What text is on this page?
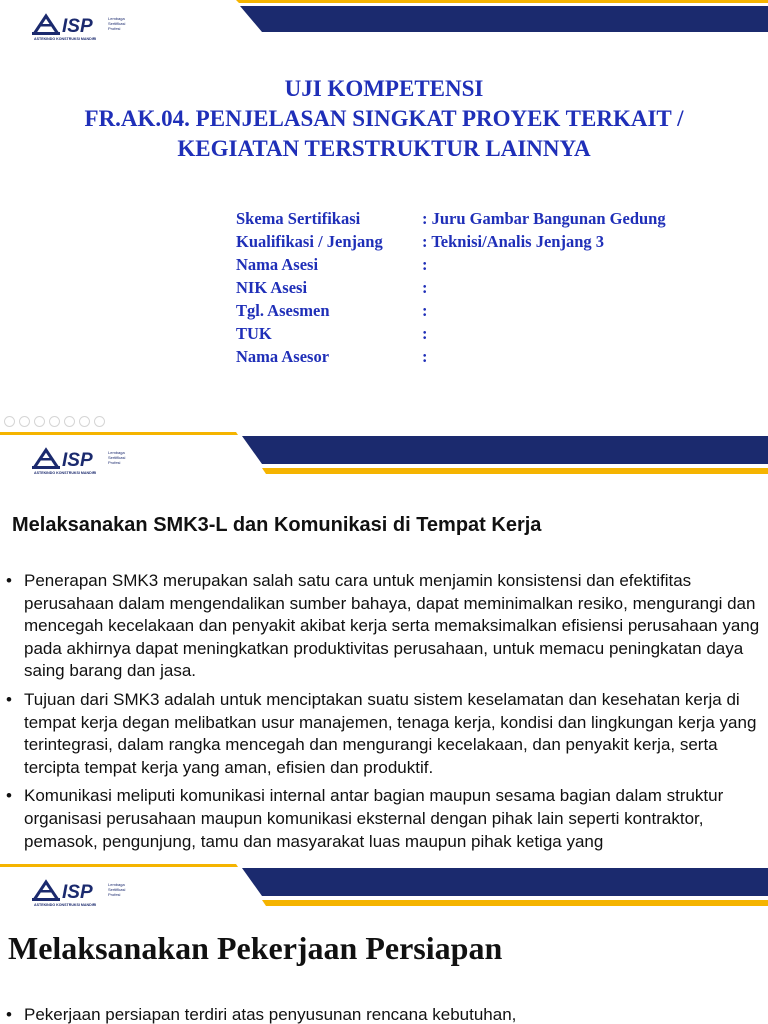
ISP	Lembaga
Sertifikasi
Profesi
ASTEKINDO KONSTRUKSI MANDIRI
UJI KOMPETENSI
FR.AK.04. PENJELASAN SINGKAT PROYEK TERKAIT /
KEGIATAN TERSTRUKTUR LAINNYA
Skema Sertifikasi	: Juru Gambar Bangunan Gedung
Kualifikasi / Jenjang : Teknisi/Analis Jenjang 3
Nama Asesi	:
NIK Asesi	:
Tgl. Asesmen	:
TUK	:
Nama Asesor	:
ISP	Lembaga
Sertifikasi
Profesi
ASTEKINDO KONSTRUKSI MANDIRI
Melaksanakan SMK3-L dan Komunikasi di Tempat Kerja
• Penerapan SMK3 merupakan salah satu cara untuk menjamin konsistensi dan efektifitas perusahaan dalam mengendalikan sumber bahaya, dapat meminimalkan resiko, mengurangi dan mencegah kecelakaan dan penyakit akibat kerja serta memaksimalkan efisiensi perusahaan yang pada akhirnya dapat meningkatkan produktivitas perusahaan, untuk memacu peningkatan daya saing barang dan jasa.
• Tujuan dari SMK3 adalah untuk menciptakan suatu sistem keselamatan dan kesehatan kerja di tempat kerja degan melibatkan usur manajemen, tenaga kerja, kondisi dan lingkungan kerja yang terintegrasi, dalam rangka mencegah dan mengurangi kecelakaan, dan penyakit kerja, serta tercipta tempat kerja yang aman, efisien dan produktif.
• Komunikasi meliputi komunikasi internal antar bagian maupun sesama bagian dalam struktur organisasi perusahaan maupun komunikasi eksternal dengan pihak lain seperti kontraktor, pemasok, pengunjung, tamu dan masyarakat luas maupun pihak ketiga yang
ISP	Lembaga
Sertifikasi
Profesi
ASTEKINDO KONSTRUKSI MANDIRI
Melaksanakan Pekerjaan Persiapan
• Pekerjaan persiapan terdiri atas penyusunan rencana kebutuhan,
